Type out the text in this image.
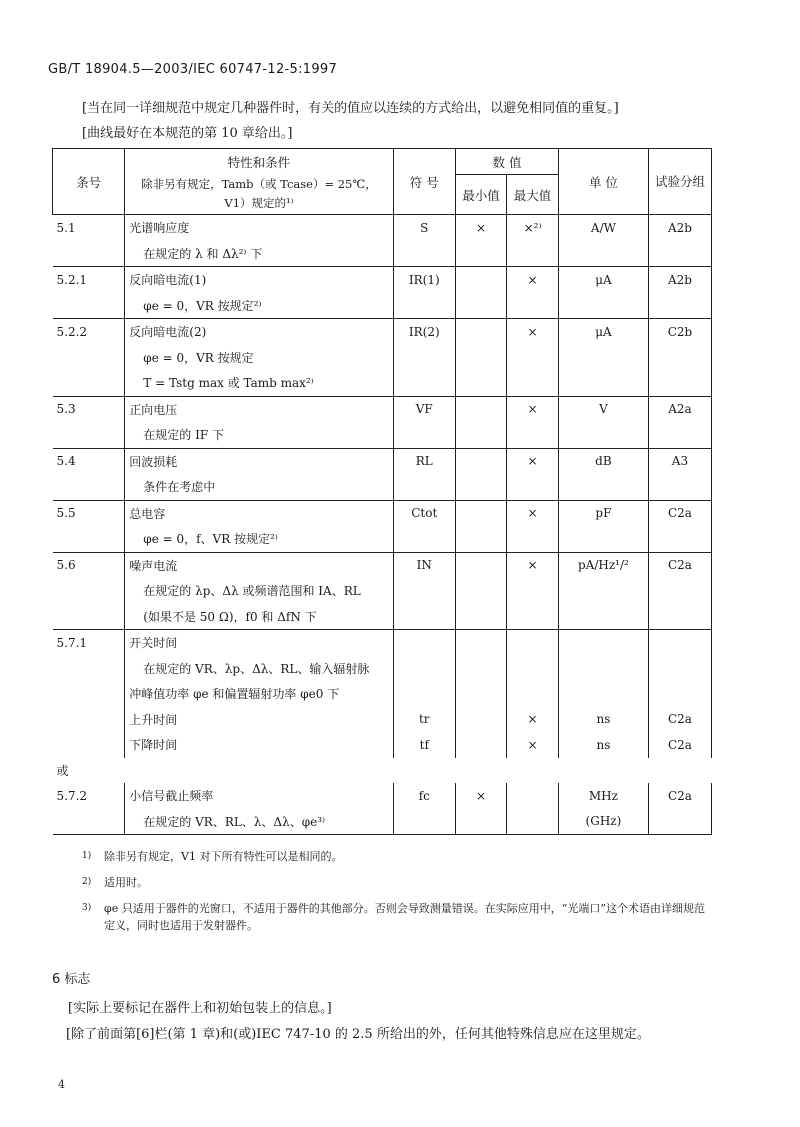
GB/T 18904.5—2003/IEC 60747-12-5:1997
[当在同一详细规范中规定几种器件时，有关的值应以连续的方式给出，以避免相同值的重复。]
[曲线最好在本规范的第 10 章给出。]
条号	特性和条件	符 号	数 值		单 位	试验分组
	除非另有规定，Tamb（或 Tcase）= 25℃，		最小值	最大值		
	V1）规定的¹⁾					
5.1	光谱响应度	S	×	×²⁾	A/W	A2b
	在规定的 λ 和 Δλ²⁾ 下					
5.2.1	反向暗电流(1)	IR(1)		×	μA	A2b
	φe = 0，VR 按规定²⁾					
5.2.2	反向暗电流(2)	IR(2)		×	μA	C2b
	φe = 0，VR 按规定					
	T = Tstg max 或 Tamb max²⁾					
5.3	正向电压	VF		×	V	A2a
	在规定的 IF 下					
5.4	回波损耗	RL		×	dB	A3
	条件在考虑中					
5.5	总电容	Ctot		×	pF	C2a
	φe = 0，f、VR 按规定²⁾					
5.6	噪声电流	IN		×	pA/Hz¹/²	C2a
	在规定的 λp、Δλ 或频谱范围和 IA、RL					
	(如果不是 50 Ω)，f0 和 ΔfN 下					
5.7.1	开关时间					
	在规定的 VR、λp、Δλ、RL、输入辐射脉					
	冲峰值功率 φe 和偏置辐射功率 φe0 下					
	上升时间	tr		×	ns	C2a
	下降时间	tf		×	ns	C2a
或						
5.7.2	小信号截止频率	fc	×		MHz	C2a
	在规定的 VR、RL、λ、Δλ、φe³⁾				(GHz)	
1) 除非另有规定，V1 对下所有特性可以是相同的。
2) 适用时。
3) φe 只适用于器件的光窗口，不适用于器件的其他部分。否则会导致测量错误。在实际应用中，“光端口”这个术语由详细规范定义，同时也适用于发射器件。
6 标志
[实际上要标记在器件上和初始包装上的信息。]
[除了前面第[6]栏(第 1 章)和(或)IEC 747-10 的 2.5 所给出的外，任何其他特殊信息应在这里规定。
4
